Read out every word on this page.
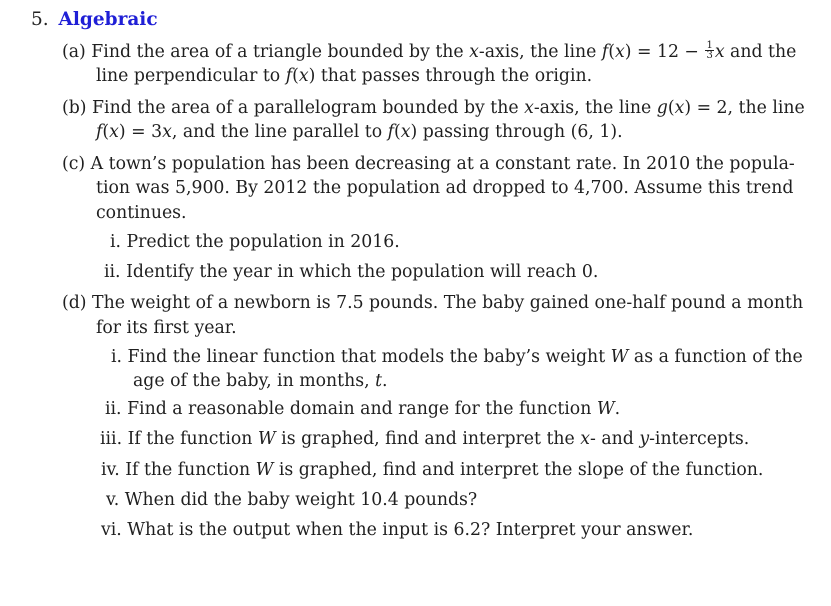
5. Algebraic
(a) Find the area of a triangle bounded by the x-axis, the line $f(x) = 12 - \frac{1}{3}$ x and the
line perpendicular to f(x) that passes through the origin.
(b) Find the area of a parallelogram bounded by the x-axis, the line g(x) = 2, the line
f(x) = 3x, and the line parallel to f(x) passing through (6, 1).
(c) A town’s population has been decreasing at a constant rate. In 2010 the popula-
tion was 5,900. By 2012 the population ad dropped to 4,700. Assume this trend
continues.
i. Predict the population in 2016.
ii. Identify the year in which the population will reach 0.
(d) The weight of a newborn is 7.5 pounds. The baby gained one-half pound a month
for its first year.
i. Find the linear function that models the baby’s weight W as a function of the
age of the baby, in months, t.
ii. Find a reasonable domain and range for the function W.
iii. If the function W is graphed, find and interpret the x- and y-intercepts.
iv. If the function W is graphed, find and interpret the slope of the function.
v. When did the baby weight 10.4 pounds?
vi. What is the output when the input is 6.2? Interpret your answer.
